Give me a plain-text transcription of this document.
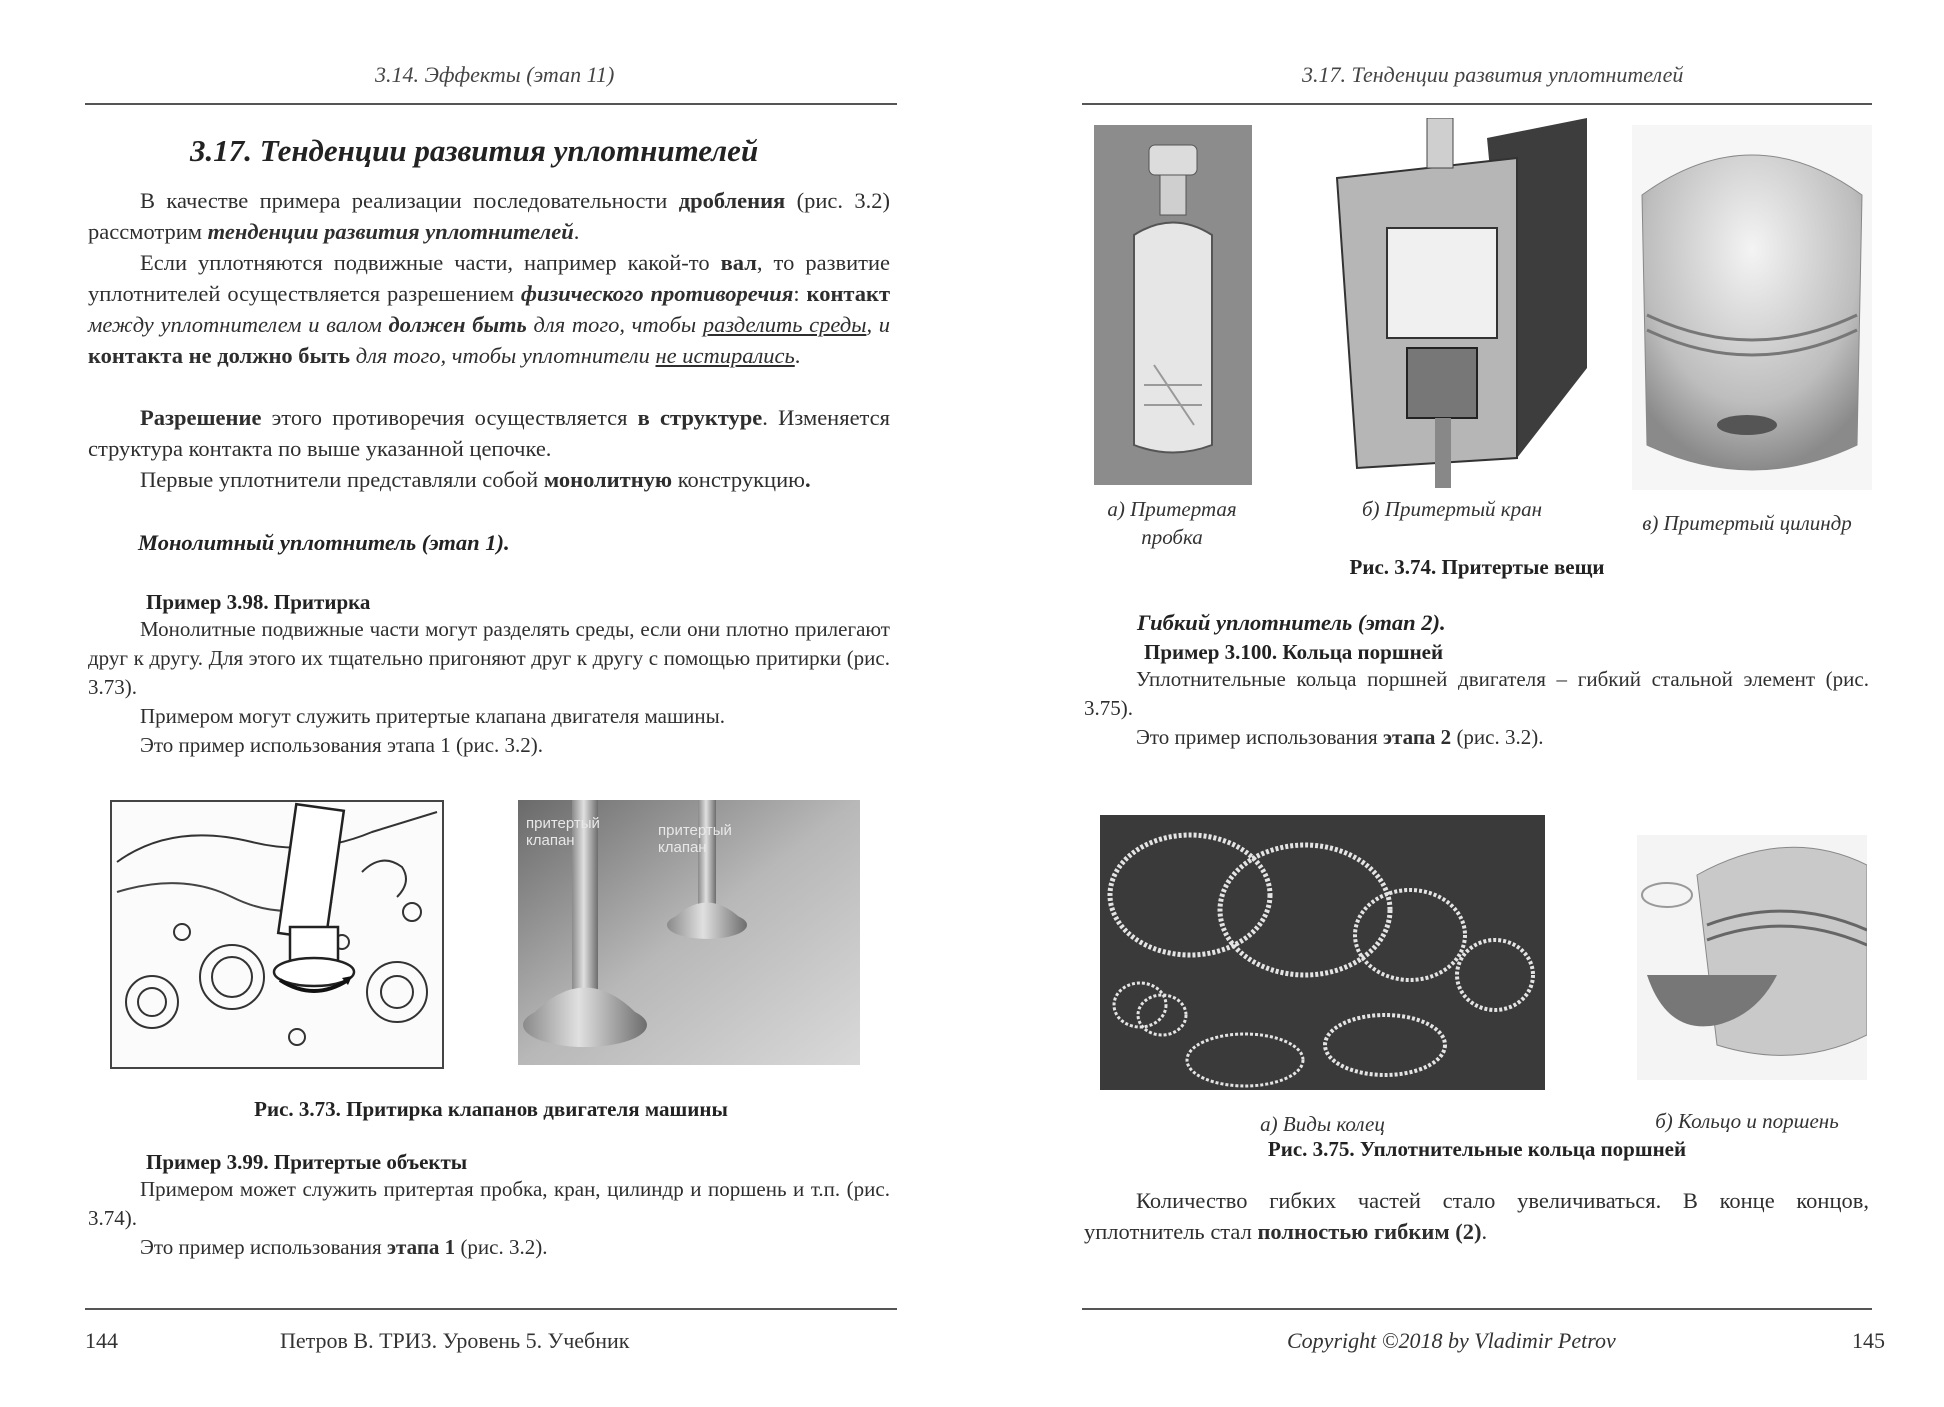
3.14. Эффекты (этап 11)
3.17. Тенденции развития уплотнителей
В качестве примера реализации последовательности дробления (рис. 3.2) рассмотрим тенденции развития уплотнителей.
Если уплотняются подвижные части, например какой-то вал, то развитие уплотнителей осуществляется разрешением физического противоречия: контакт между уплотнителем и валом должен быть для того, чтобы разделить среды, и контакта не должно быть для того, чтобы уплотнители не истирались.
Разрешение этого противоречия осуществляется в структуре. Изменяется структура контакта по выше указанной цепочке.
Первые уплотнители представляли собой монолитную конструкцию.
Монолитный уплотнитель (этап 1).
Пример 3.98. Притирка
Монолитные подвижные части могут разделять среды, если они плотно прилегают друг к другу. Для этого их тщательно пригоняют друг к другу с помощью притирки (рис. 3.73).
Примером могут служить притертые клапана двигателя машины.
Это пример использования этапа 1 (рис. 3.2).
притертый клапан
притертый клапан
Рис. 3.73. Притирка клапанов двигателя машины
Пример 3.99. Притертые объекты
Примером может служить притертая пробка, кран, цилиндр и поршень и т.п. (рис. 3.74).
Это пример использования этапа 1 (рис. 3.2).
144	Петров В. ТРИЗ. Уровень 5. Учебник
3.17. Тенденции развития уплотнителей
а) Притертая пробка
б) Притертый кран
в) Притертый цилиндр
Рис. 3.74. Притертые вещи
Гибкий уплотнитель (этап 2).
Пример 3.100. Кольца поршней
Уплотнительные кольца поршней двигателя – гибкий стальной элемент (рис. 3.75).
Это пример использования этапа 2 (рис. 3.2).
а) Виды колец	б) Кольцо и поршень
Рис. 3.75. Уплотнительные кольца поршней
Количество гибких частей стало увеличиваться. В конце концов, уплотнитель стал полностью гибким (2).
Copyright ©2018 by Vladimir Petrov	145
